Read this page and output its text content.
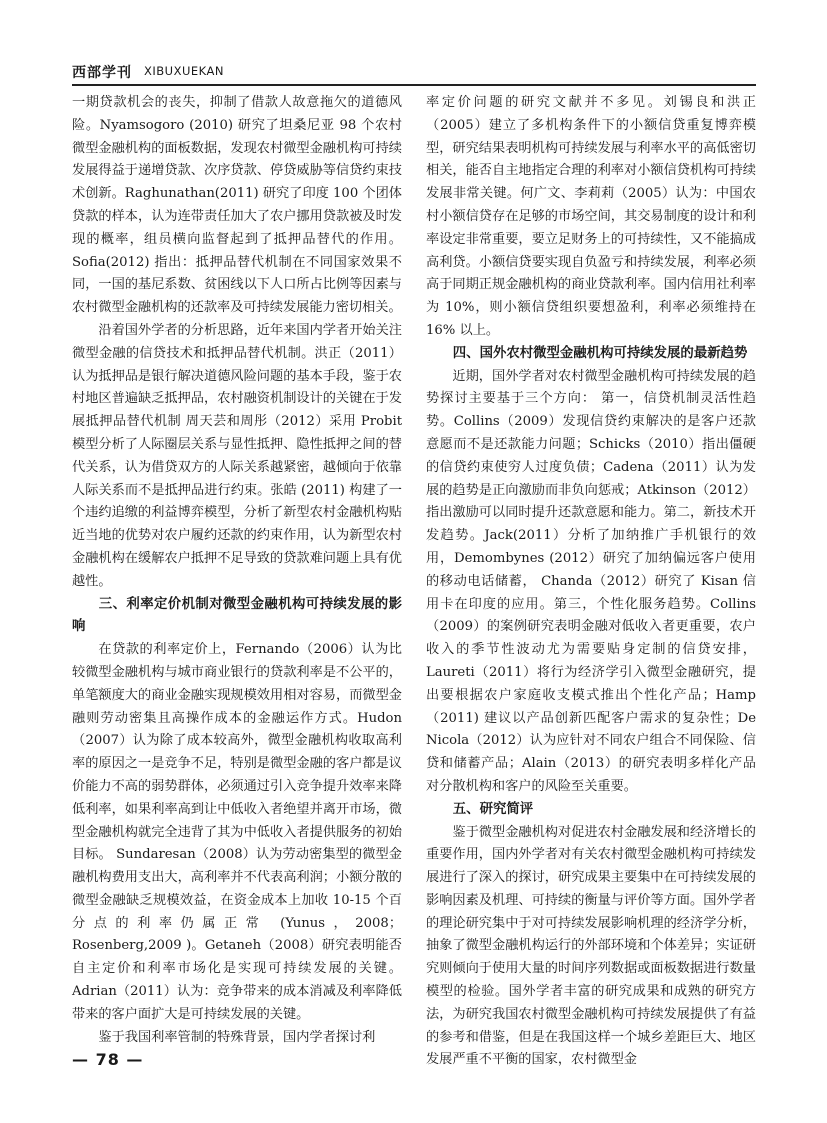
西部学刊 XIBUXUEKAN

一期贷款机会的丧失，抑制了借款人故意拖欠的道德风险。Nyamsogoro (2010) 研究了坦桑尼亚 98 个农村微型金融机构的面板数据，发现农村微型金融机构可持续发展得益于递增贷款、次序贷款、停贷威胁等信贷约束技术创新。Raghunathan(2011) 研究了印度 100 个团体贷款的样本，认为连带责任加大了农户挪用贷款被及时发现的概率，组员横向监督起到了抵押品替代的作用。Sofia(2012) 指出：抵押品替代机制在不同国家效果不同，一国的基尼系数、贫困线以下人口所占比例等因素与农村微型金融机构的还款率及可持续发展能力密切相关。

沿着国外学者的分析思路，近年来国内学者开始关注微型金融的信贷技术和抵押品替代机制。洪正（2011）认为抵押品是银行解决道德风险问题的基本手段，鉴于农村地区普遍缺乏抵押品，农村融资机制设计的关键在于发展抵押品替代机制 周天芸和周彤（2012）采用 Probit 模型分析了人际圈层关系与显性抵押、隐性抵押之间的替代关系，认为借贷双方的人际关系越紧密，越倾向于依靠人际关系而不是抵押品进行约束。张皓 (2011) 构建了一个违约追缴的利益博弈模型，分析了新型农村金融机构贴近当地的优势对农户履约还款的约束作用，认为新型农村金融机构在缓解农户抵押不足导致的贷款难问题上具有优越性。

三、利率定价机制对微型金融机构可持续发展的影响

在贷款的利率定价上，Fernando（2006）认为比较微型金融机构与城市商业银行的贷款利率是不公平的，单笔额度大的商业金融实现规模效用相对容易，而微型金融则劳动密集且高操作成本的金融运作方式。Hudon（2007）认为除了成本较高外，微型金融机构收取高利率的原因之一是竞争不足，特别是微型金融的客户都是议价能力不高的弱势群体，必须通过引入竞争提升效率来降低利率，如果利率高到让中低收入者绝望并离开市场，微型金融机构就完全违背了其为中低收入者提供服务的初始目标。 Sundaresan（2008）认为劳动密集型的微型金融机构费用支出大，高利率并不代表高利润；小额分散的微型金融缺乏规模效益，在资金成本上加收 10-15 个百分点的利率仍属正常 (Yunus，2008；Rosenberg,2009 )。Getaneh（2008）研究表明能否自主定价和利率市场化是实现可持续发展的关键。Adrian（2011）认为：竞争带来的成本消减及利率降低带来的客户面扩大是可持续发展的关键。

鉴于我国利率管制的特殊背景，国内学者探讨利

率定价问题的研究文献并不多见。刘锡良和洪正（2005）建立了多机构条件下的小额信贷重复博弈模型，研究结果表明机构可持续发展与利率水平的高低密切相关，能否自主地指定合理的利率对小额信贷机构可持续发展非常关键。何广文、李莉莉（2005）认为：中国农村小额信贷存在足够的市场空间，其交易制度的设计和利率设定非常重要，要立足财务上的可持续性，又不能搞成高利贷。小额信贷要实现自负盈亏和持续发展，利率必须高于同期正规金融机构的商业贷款利率。国内信用社利率为 10%，则小额信贷组织要想盈利，利率必须维持在 16% 以上。

四、国外农村微型金融机构可持续发展的最新趋势

近期，国外学者对农村微型金融机构可持续发展的趋势探讨主要基于三个方向： 第一，信贷机制灵活性趋势。Collins（2009）发现信贷约束解决的是客户还款意愿而不是还款能力问题；Schicks（2010）指出僵硬的信贷约束使穷人过度负债；Cadena（2011）认为发展的趋势是正向激励而非负向惩戒；Atkinson（2012）指出激励可以同时提升还款意愿和能力。第二，新技术开发趋势。Jack(2011）分析了加纳推广手机银行的效用，Demombynes (2012）研究了加纳偏远客户使用的移动电话储蓄， Chanda（2012）研究了 Kisan 信用卡在印度的应用。第三，个性化服务趋势。Collins（2009）的案例研究表明金融对低收入者更重要，农户收入的季节性波动尤为需要贴身定制的信贷安排，Laureti（2011）将行为经济学引入微型金融研究，提出要根据农户家庭收支模式推出个性化产品；Hamp（2011) 建议以产品创新匹配客户需求的复杂性；De Nicola（2012）认为应针对不同农户组合不同保险、信贷和储蓄产品；Alain（2013）的研究表明多样化产品对分散机构和客户的风险至关重要。

五、研究简评

鉴于微型金融机构对促进农村金融发展和经济增长的重要作用，国内外学者对有关农村微型金融机构可持续发展进行了深入的探讨，研究成果主要集中在可持续发展的影响因素及机理、可持续的衡量与评价等方面。国外学者的理论研究集中于对可持续发展影响机理的经济学分析，抽象了微型金融机构运行的外部环境和个体差异；实证研究则倾向于使用大量的时间序列数据或面板数据进行数量模型的检验。国外学者丰富的研究成果和成熟的研究方法，为研究我国农村微型金融机构可持续发展提供了有益的参考和借鉴，但是在我国这样一个城乡差距巨大、地区发展严重不平衡的国家，农村微型金

— 78 —
